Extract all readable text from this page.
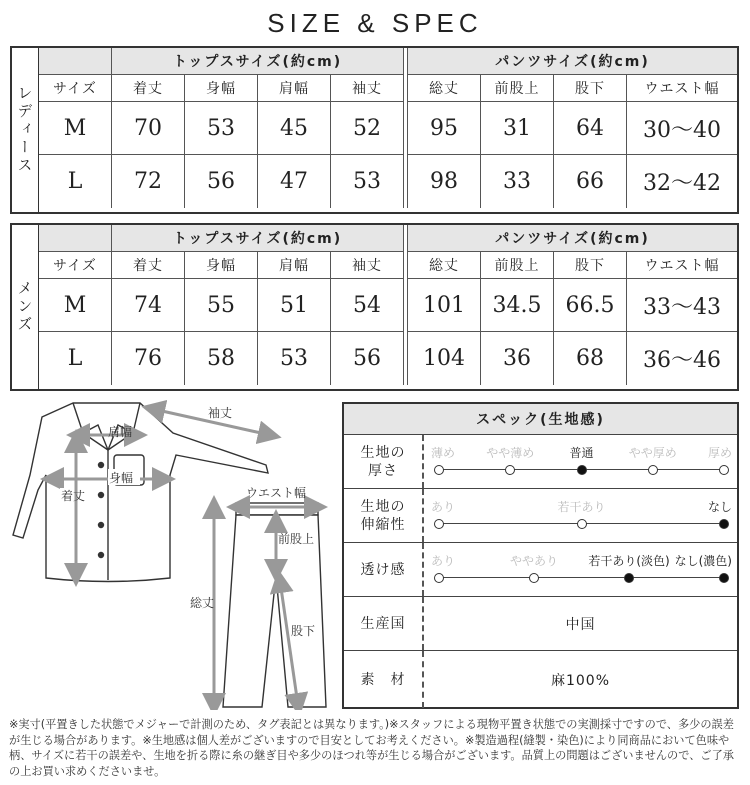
SIZE & SPEC
レディース
トップスサイズ(約cm)	パンツサイズ(約cm)
サイズ	着丈	身幅	肩幅	袖丈	総丈	前股上	股下	ウエスト幅
M	70	53	45	52	95	31	64	30〜40
L	72	56	47	53	98	33	66	32〜42
メンズ
トップスサイズ(約cm)	パンツサイズ(約cm)
サイズ	着丈	身幅	肩幅	袖丈	総丈	前股上	股下	ウエスト幅
M	74	55	51	54	101	34.5	66.5	33〜43
L	76	58	53	56	104	36	68	36〜46
袖丈
肩幅
身幅
着丈	ウエスト幅
前股上
総丈
股下
スペック(生地感)
生地の
厚さ
薄め	やや薄め	普通	やや厚め	厚め
生地の
伸縮性
あり	若干あり	なし
透け感
あり	ややあり	若干あり(淡色) なし(濃色)
生産国	中国
素　材	麻100%
※実寸(平置きした状態でメジャーで計測のため、タグ表記とは異なります。)※スタッフによる現物平置き状態での実測採寸ですので、多少の誤差が生じる場合があります。※生地感は個人差がございますので目安としてお考えください。※製造過程(縫製・染色)により同商品において色味や柄、サイズに若干の誤差や、生地を折る際に糸の継ぎ目や多少のほつれ等が生じる場合がございます。品質上の問題はございませんので、ご了承の上お買い求めくださいませ。
